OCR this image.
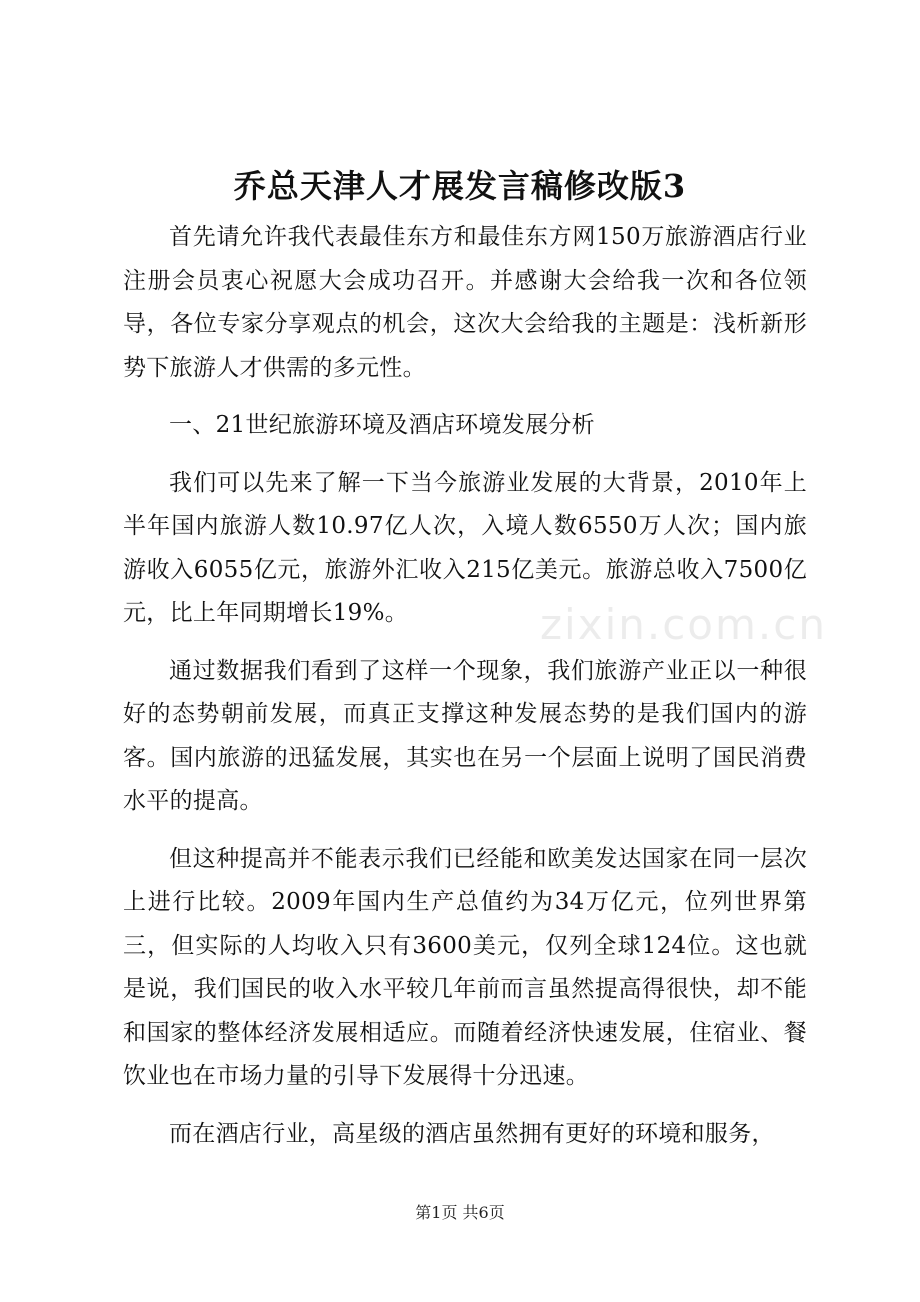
乔总天津人才展发言稿修改版3

首先请允许我代表最佳东方和最佳东方网150万旅游酒店行业注册会员衷心祝愿大会成功召开。并感谢大会给我一次和各位领导，各位专家分享观点的机会，这次大会给我的主题是：浅析新形势下旅游人才供需的多元性。

一、21世纪旅游环境及酒店环境发展分析

我们可以先来了解一下当今旅游业发展的大背景，2010年上半年国内旅游人数10.97亿人次，入境人数6550万人次；国内旅游收入6055亿元，旅游外汇收入215亿美元。旅游总收入7500亿元，比上年同期增长19%。

通过数据我们看到了这样一个现象，我们旅游产业正以一种很好的态势朝前发展，而真正支撑这种发展态势的是我们国内的游客。国内旅游的迅猛发展，其实也在另一个层面上说明了国民消费水平的提高。

但这种提高并不能表示我们已经能和欧美发达国家在同一层次上进行比较。2009年国内生产总值约为34万亿元，位列世界第三，但实际的人均收入只有3600美元，仅列全球124位。这也就是说，我们国民的收入水平较几年前而言虽然提高得很快，却不能和国家的整体经济发展相适应。而随着经济快速发展，住宿业、餐饮业也在市场力量的引导下发展得十分迅速。

而在酒店行业，高星级的酒店虽然拥有更好的环境和服务，

zixin.com.cn
第1页 共6页
